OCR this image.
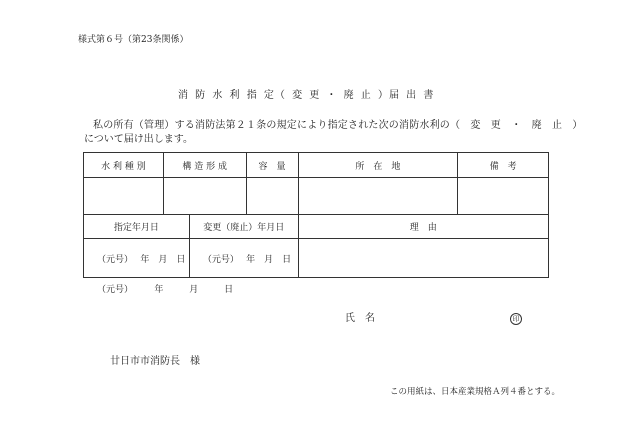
様式第６号（第23条関係）
消 防 水 利 指 定（ 変 更 ・ 廃 止 ）届 出 書
私の所有（管理）する消防法第２１条の規定により指定された次の消防水利の（　変　更　・　廃　止　）
について届け出します。
水 利 種 別	構 造 形 成	容　量	所　在　地	備　考

指定年月日	変更（廃止）年月日	理　由
（元号）　 年　月　日	（元号）　 年　月　日	
（元号）　 年　 月　 日
氏　名	印
廿日市市消防長　様
この用紙は、日本産業規格Ａ列４番とする。
